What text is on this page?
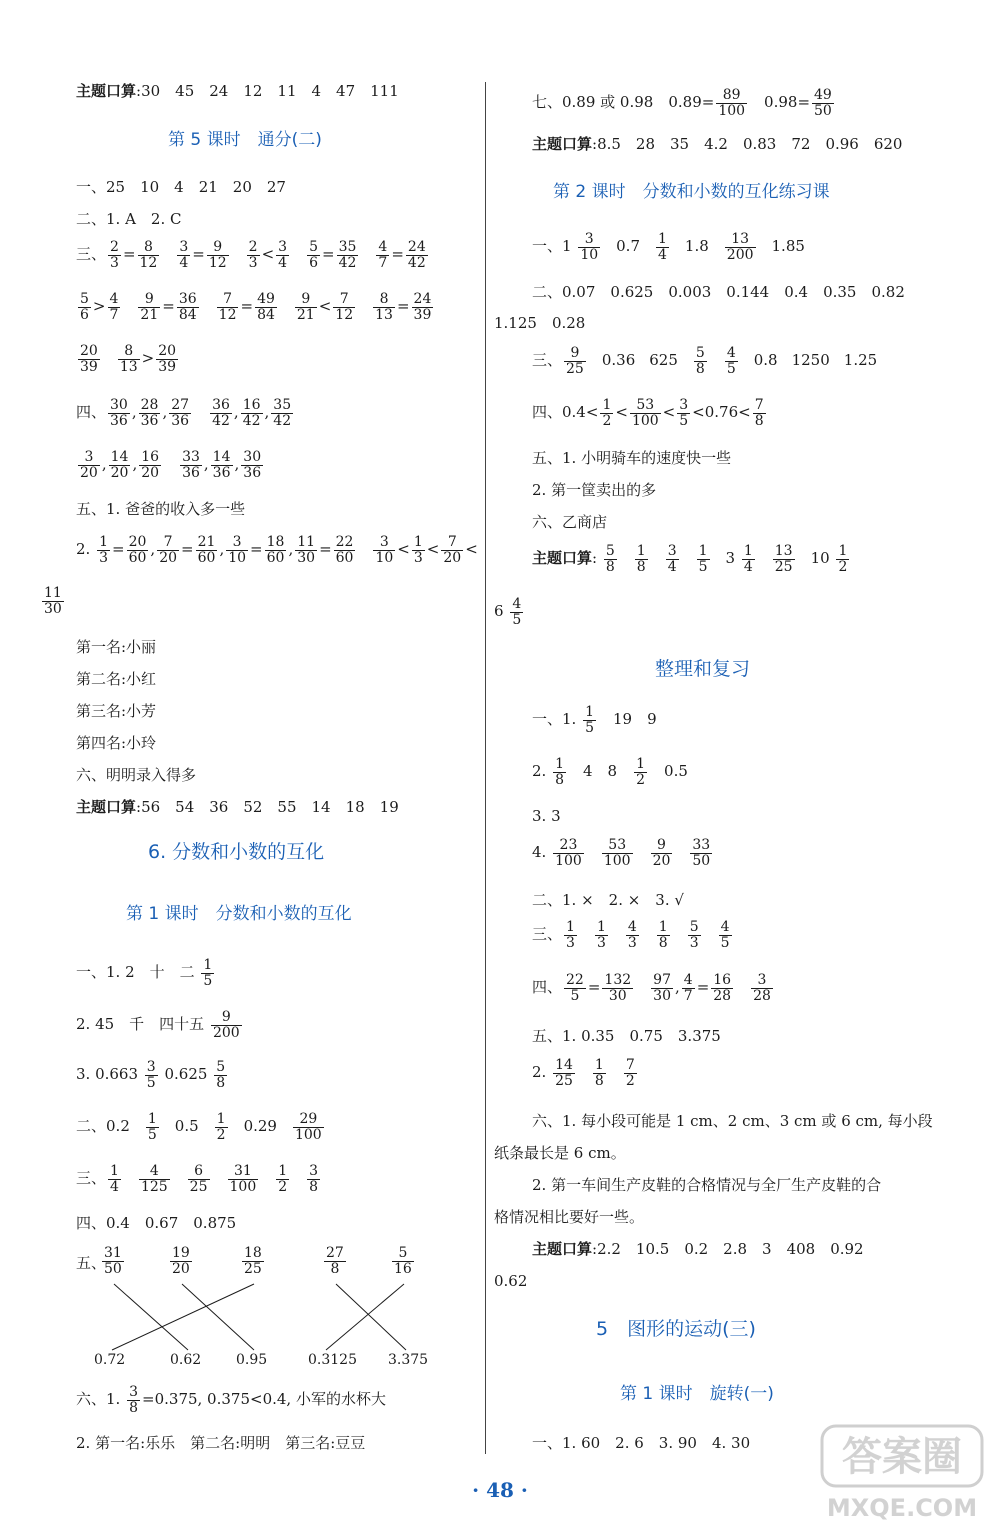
主题口算:30　45　24　12　11　4　47　111
第 5 课时　通分(二)
一、25　10　4　21　20　27
二、1. A　2. C
三、 $\frac{2}{3} = \frac{8}{12} \frac{3}{4} = \frac{9}{12} \frac{2}{3} < \frac{3}{4} \frac{5}{6} = \frac{35}{42} \frac{4}{7} = \frac{24}{42}$
$\frac{5}{6} > \frac{4}{7} \frac{9}{21} = \frac{36}{84} \frac{7}{12} = \frac{49}{84} \frac{9}{21} < \frac{7}{12} \frac{8}{13} = \frac{24}{39}$
$\frac{20}{39} \frac{8}{13} > \frac{20}{39}$
四、 $\frac{30}{36}$ , $\frac{28}{36}$ , $\frac{27}{36}$
　 $\frac{36}{42}$ , $\frac{16}{42}$ , $\frac{35}{42}$
$\frac{3}{20}$ , $\frac{14}{20}$ , $\frac{16}{20}$
　 $\frac{33}{36}$ , $\frac{14}{36}$ , $\frac{30}{36}$
五、1. 爸爸的收入多一些
2. $\frac{1}{3} = \frac{20}{60}$ , $\frac{7}{20} = \frac{21}{60}$ , $\frac{3}{10} = \frac{18}{60}$ , $\frac{11}{30} = \frac{22}{60} \frac{3}{10} < \frac{1}{3} < \frac{7}{20}$ <
$\frac{11}{30}$
第一名:小丽
第二名:小红
第三名:小芳
第四名:小玲
六、明明录入得多
主题口算:56　54　36　52　55　14　18　19
6. 分数和小数的互化
第 1 课时　分数和小数的互化
一、1. 2　十　二 $\frac{1}{5}$
2. 45　千　四十五 $\frac{9}{200}$
3. $0.663 \frac{3}{5} 0.625 \frac{5}{8}$
二、$0.2 \frac{1}{5} 0.5 \frac{1}{2} 0.29 \frac{29}{100}$
三、 $\frac{1}{4} \frac{4}{125} \frac{6}{25} \frac{31}{100} \frac{1}{2} \frac{3}{8}$
四、0.4　0.67　0.875
五、
31
50
19
20
18
25
27
8
5
16
0.72	0.62 0.95	0.3125 3.375
六、1. $\frac{3}{8} =0.375$, 0.375<0.4, 小军的水杯大
2. 第一名:乐乐　第二名:明明　第三名:豆豆
七、0.89 或 0.98　$0.89= \frac{89}{100}$ 　$0.98= \frac{49}{50}$
主题口算:8.5　28　35　4.2　0.83　72　0.96　620
第 2 课时　分数和小数的互化练习课
一、$1 \frac{3}{10} 0.7 \frac{1}{4} 1.8 \frac{13}{200} 1.85$
二、0.07　0.625　0.003　0.144　0.4　0.35　0.82
1.125　0.28
三、 $\frac{9}{25} 0.36$ $625 \frac{5}{8} \frac{4}{5} 0.8$ 1250 1.25
四、$0.4< \frac{1}{2} < \frac{53}{100} < \frac{3}{5} <0.76< \frac{7}{8}$
五、1. 小明骑车的速度快一些
2. 第一筐卖出的多
六、乙商店
主题口算: $\frac{5}{8} \frac{1}{8} \frac{3}{4} \frac{1}{5} 3 \frac{1}{4} \frac{13}{25} 10 \frac{1}{2}$
$6 \frac{4}{5}$
整理和复习
一、1. $\frac{1}{5}$ 　19　9
2. $\frac{1}{8}$ 　4　8　 $\frac{1}{2}$ 　0.5
3. 3
4. $\frac{23}{100} \frac{53}{100} \frac{9}{20} \frac{33}{50}$
二、1. ×　2. ×　3. √
三、 $\frac{1}{3} \frac{1}{3} \frac{4}{3} \frac{1}{8} \frac{5}{3} \frac{4}{5}$
四、 $\frac{22}{5} = \frac{132}{30} \frac{97}{30}$ , $\frac{4}{7} = \frac{16}{28} \frac{3}{28}$
五、1. 0.35　0.75　3.375
2. $\frac{14}{25} \frac{1}{8} \frac{7}{2}$
六、1. 每小段可能是 1 cm、2 cm、3 cm 或 6 cm, 每小段
纸条最长是 6 cm。
2. 第一车间生产皮鞋的合格情况与全厂生产皮鞋的合
格情况相比要好一些。
主题口算:2.2　10.5　0.2　2.8　3　408　0.92
0.62
5　图形的运动(三)
第 1 课时　旋转(一)
一、1. 60　2. 6　3. 90　4. 30
· 48 ·
答案圈
MXQE.COM
